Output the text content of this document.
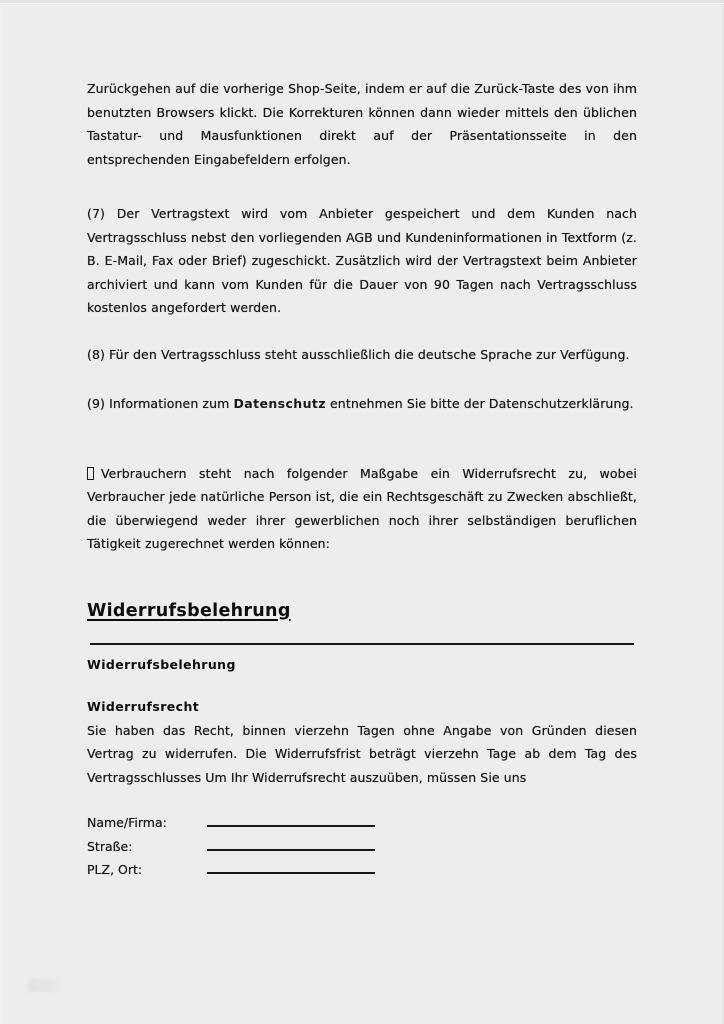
Zurückgehen auf die vorherige Shop-Seite, indem er auf die Zurück-Taste des von ihm benutzten Browsers klickt. Die Korrekturen können dann wieder mittels den üblichen Tastatur- und Mausfunktionen direkt auf der Präsentationsseite in den entsprechenden Eingabefeldern erfolgen.

(7) Der Vertragstext wird vom Anbieter gespeichert und dem Kunden nach Vertragsschluss nebst den vorliegenden AGB und Kundeninformationen in Textform (z. B. E-Mail, Fax oder Brief) zugeschickt. Zusätzlich wird der Vertragstext beim Anbieter archiviert und kann vom Kunden für die Dauer von 90 Tagen nach Vertragsschluss kostenlos angefordert werden.

(8) Für den Vertragsschluss steht ausschließlich die deutsche Sprache zur Verfügung.

(9) Informationen zum Datenschutz entnehmen Sie bitte der Datenschutzerklärung.

Verbrauchern steht nach folgender Maßgabe ein Widerrufsrecht zu, wobei Verbraucher jede natürliche Person ist, die ein Rechtsgeschäft zu Zwecken abschließt, die überwiegend weder ihrer gewerblichen noch ihrer selbständigen beruflichen Tätigkeit zugerechnet werden können:

Widerrufsbelehrung
Widerrufsbelehrung
Widerrufsrecht

Sie haben das Recht, binnen vierzehn Tagen ohne Angabe von Gründen diesen Vertrag zu widerrufen. Die Widerrufsfrist beträgt vierzehn Tage ab dem Tag des Vertragsschlusses Um Ihr Widerrufsrecht auszuüben, müssen Sie uns

Name/Firma:
Straße:
PLZ, Ort:
